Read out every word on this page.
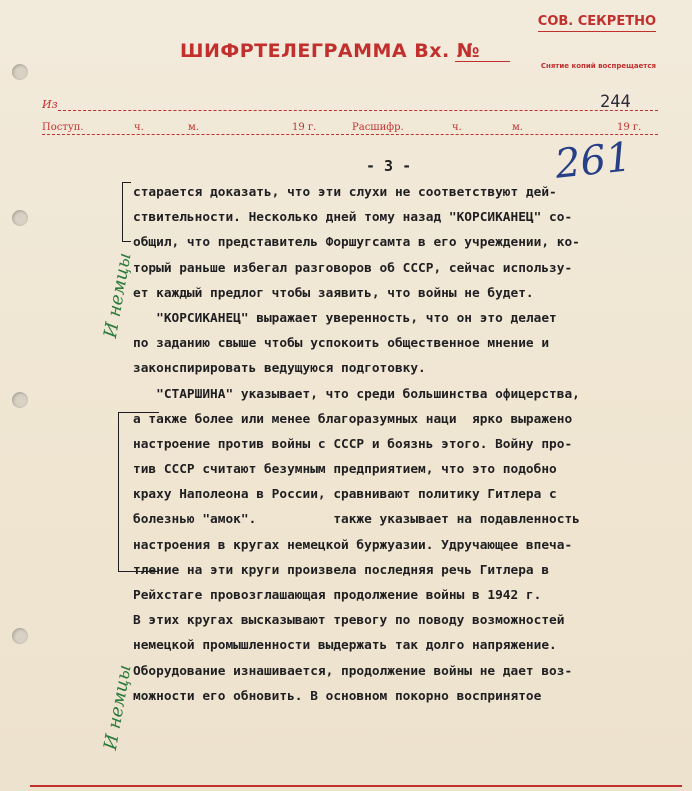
СОВ. СЕКРЕТНО
ШИФРТЕЛЕГРАММА Вх. №
Снятие копий воспрещается
Из	244
Поступ.	ч.	м.	19 г.	Расшифр.	ч.	м.	19 г.
- 3 -	261
И немцы
И немцы

старается доказать, что эти слухи не соответствуют дей-

ствительности. Несколько дней тому назад "КОРСИКАНЕЦ" со-

общил, что представитель Форшугсамта в его учреждении, ко-

торый раньше избегал разговоров об СССР, сейчас использу-

ет каждый предлог чтобы заявить, что войны не будет.

"КОРСИКАНЕЦ" выражает уверенность, что он это делает

по заданию свыше чтобы успокоить общественное мнение и

законспирировать ведущуюся подготовку.

"СТАРШИНА" указывает, что среди большинства офицерства,

а также более или менее благоразумных наци  ярко выражено

настроение против войны с СССР и боязнь этого. Войну про-

тив СССР считают безумным предприятием, что это подобно

краху Наполеона в России, сравнивают политику Гитлера с

болезнью "амок".          также указывает на подавленность

настроения в кругах немецкой буржуазии. Удручающее впеча-

тление на эти круги произвела последняя речь Гитлера в

Рейхстаге провозглашающая продолжение войны в 1942 г.

В этих кругах высказывают тревогу по поводу возможностей

немецкой промышленности выдержать так долго напряжение.

Оборудование изнашивается, продолжение войны не дает воз-

можности его обновить. В основном покорно воспринятое
